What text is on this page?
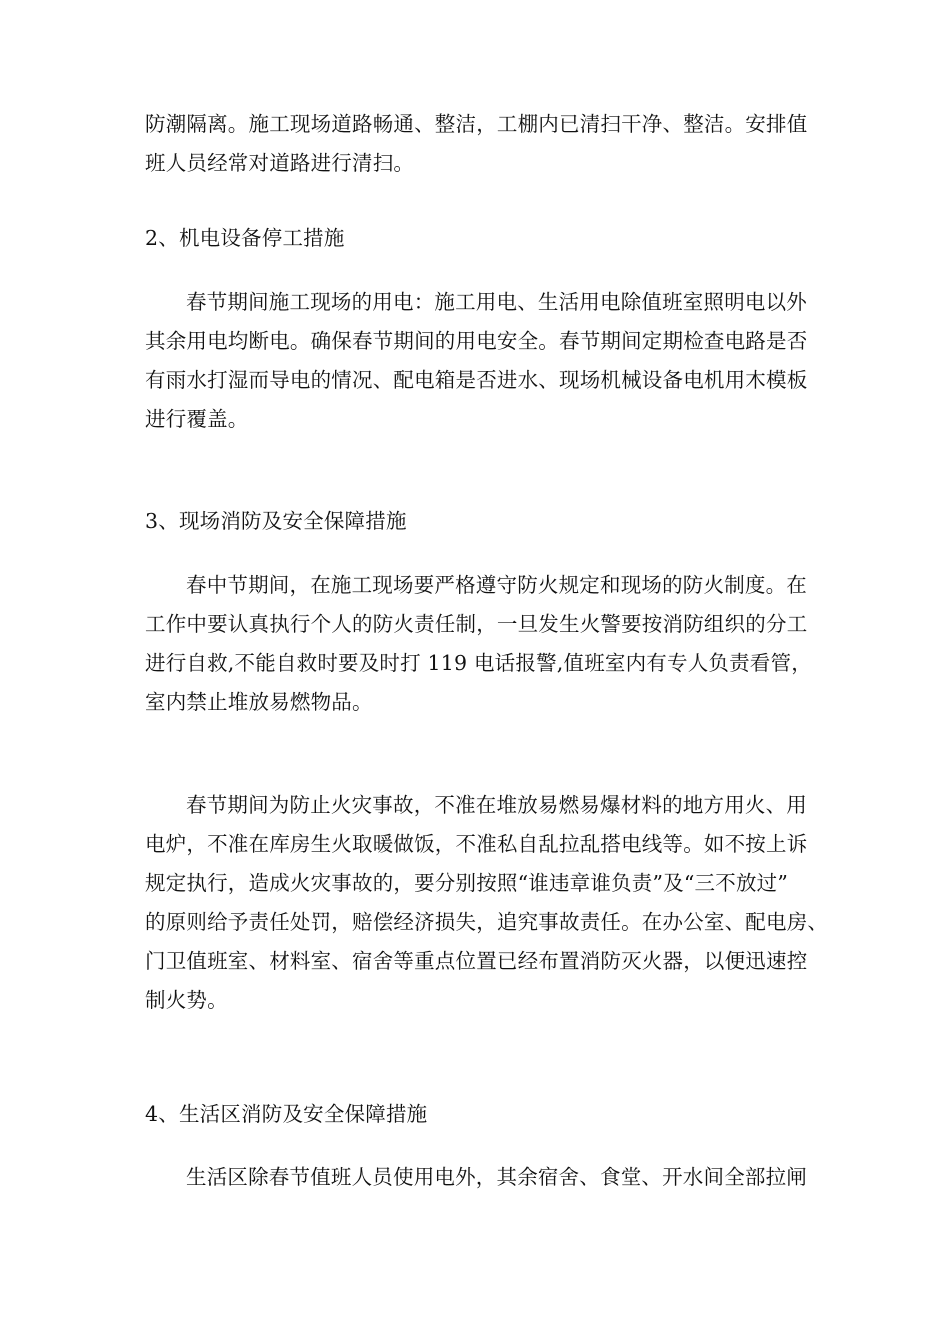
防潮隔离。施工现场道路畅通、整洁，工棚内已清扫干净、整洁。安排值
班人员经常对道路进行清扫。
2、机电设备停工措施
春节期间施工现场的用电：施工用电、生活用电除值班室照明电以外
其余用电均断电。确保春节期间的用电安全。春节期间定期检查电路是否
有雨水打湿而导电的情况、配电箱是否进水、现场机械设备电机用木模板
进行覆盖。
3、现场消防及安全保障措施
春中节期间，在施工现场要严格遵守防火规定和现场的防火制度。在
工作中要认真执行个人的防火责任制，一旦发生火警要按消防组织的分工
进行自救,不能自救时要及时打 119 电话报警,值班室内有专人负责看管，
室内禁止堆放易燃物品。
春节期间为防止火灾事故，不准在堆放易燃易爆材料的地方用火、用
电炉，不准在库房生火取暖做饭，不准私自乱拉乱搭电线等。如不按上诉
规定执行，造成火灾事故的，要分别按照“谁违章谁负责”及“三不放过”
的原则给予责任处罚，赔偿经济损失，追究事故责任。在办公室、配电房、
门卫值班室、材料室、宿舍等重点位置已经布置消防灭火器，以便迅速控
制火势。
4、生活区消防及安全保障措施
生活区除春节值班人员使用电外，其余宿舍、食堂、开水间全部拉闸
